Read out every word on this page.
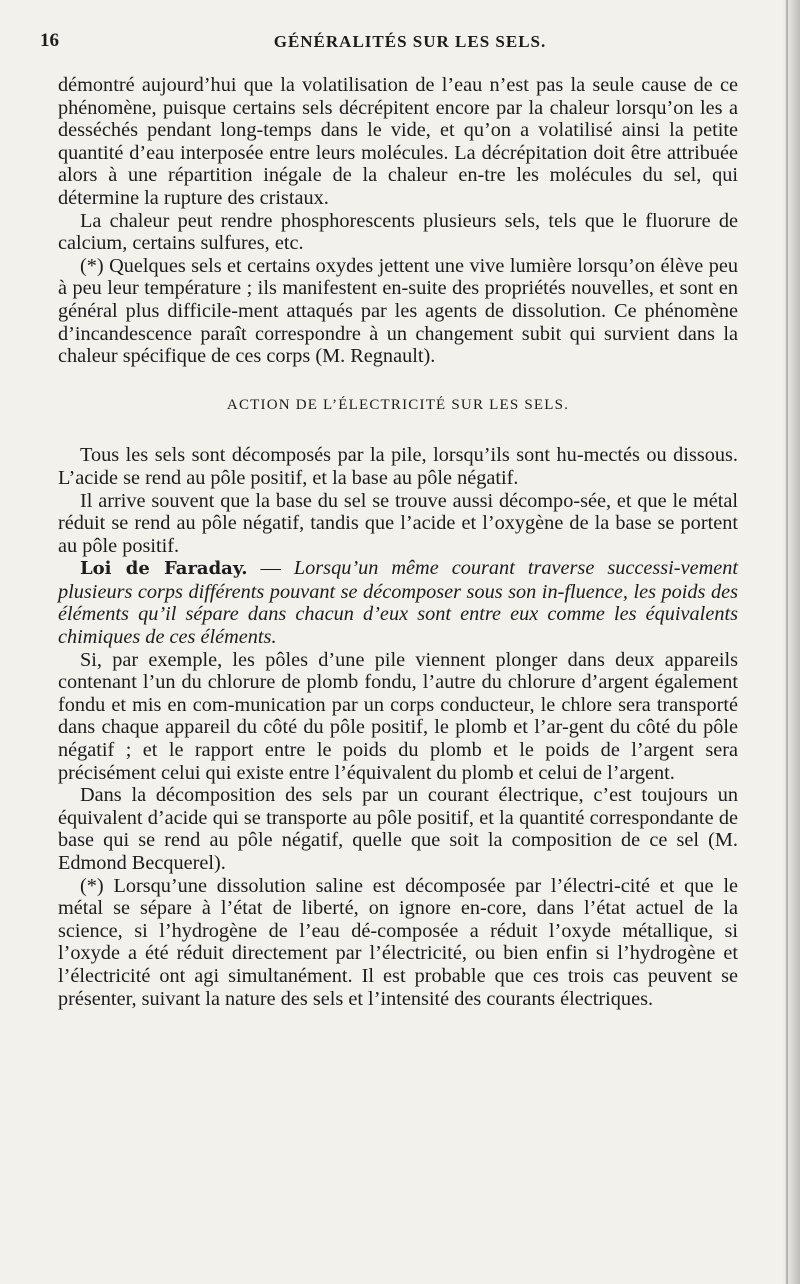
16	GÉNÉRALITÉS SUR LES SELS.

démontré aujourd’hui que la volatilisation de l’eau n’est pas la seule cause de ce phénomène, puisque certains sels décrépitent encore par la chaleur lorsqu’on les a desséchés pendant long-temps dans le vide, et qu’on a volatilisé ainsi la petite quantité d’eau interposée entre leurs molécules. La décrépitation doit être attribuée alors à une répartition inégale de la chaleur en-tre les molécules du sel, qui détermine la rupture des cristaux.

La chaleur peut rendre phosphorescents plusieurs sels, tels que le fluorure de calcium, certains sulfures, etc.

(*) Quelques sels et certains oxydes jettent une vive lumière lorsqu’on élève peu à peu leur température ; ils manifestent en-suite des propriétés nouvelles, et sont en général plus difficile-ment attaqués par les agents de dissolution. Ce phénomène d’incandescence paraît correspondre à un changement subit qui survient dans la chaleur spécifique de ces corps (M. Regnault).

ACTION DE L’ÉLECTRICITÉ SUR LES SELS.

Tous les sels sont décomposés par la pile, lorsqu’ils sont hu-mectés ou dissous. L’acide se rend au pôle positif, et la base au pôle négatif.

Il arrive souvent que la base du sel se trouve aussi décompo-sée, et que le métal réduit se rend au pôle négatif, tandis que l’acide et l’oxygène de la base se portent au pôle positif.

Loi de Faraday. — Lorsqu’un même courant traverse successi-vement plusieurs corps différents pouvant se décomposer sous son in-fluence, les poids des éléments qu’il sépare dans chacun d’eux sont entre eux comme les équivalents chimiques de ces éléments.

Si, par exemple, les pôles d’une pile viennent plonger dans deux appareils contenant l’un du chlorure de plomb fondu, l’autre du chlorure d’argent également fondu et mis en com-munication par un corps conducteur, le chlore sera transporté dans chaque appareil du côté du pôle positif, le plomb et l’ar-gent du côté du pôle négatif ; et le rapport entre le poids du plomb et le poids de l’argent sera précisément celui qui existe entre l’équivalent du plomb et celui de l’argent.

Dans la décomposition des sels par un courant électrique, c’est toujours un équivalent d’acide qui se transporte au pôle positif, et la quantité correspondante de base qui se rend au pôle négatif, quelle que soit la composition de ce sel (M. Edmond Becquerel).

(*) Lorsqu’une dissolution saline est décomposée par l’électri-cité et que le métal se sépare à l’état de liberté, on ignore en-core, dans l’état actuel de la science, si l’hydrogène de l’eau dé-composée a réduit l’oxyde métallique, si l’oxyde a été réduit directement par l’électricité, ou bien enfin si l’hydrogène et l’électricité ont agi simultanément. Il est probable que ces trois cas peuvent se présenter, suivant la nature des sels et l’intensité des courants électriques.
